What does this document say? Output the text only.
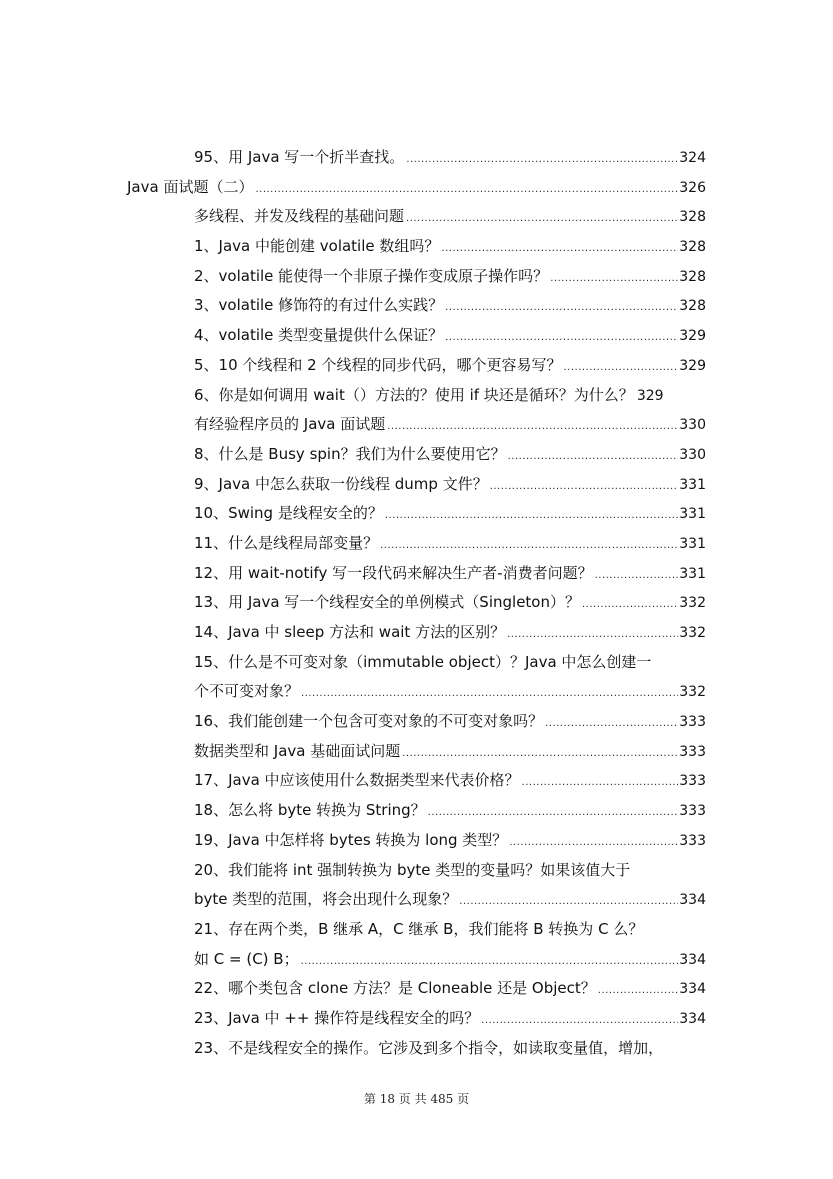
95、用 Java 写一个折半查找。 .....	324
Java 面试题（二） .....	326
多线程、并发及线程的基础问题 .....	328
1、Java 中能创建 volatile 数组吗？ .....	328
2、volatile 能使得一个非原子操作变成原子操作吗？ .....	328
3、volatile 修饰符的有过什么实践？ .....	328
4、volatile 类型变量提供什么保证？ .....	329
5、10 个线程和 2 个线程的同步代码，哪个更容易写？ .....	329
6、你是如何调用 wait（）方法的？使用 if 块还是循环？为什么？ 329
有经验程序员的 Java 面试题 .....	330
8、什么是 Busy spin？我们为什么要使用它？ .....	330
9、Java 中怎么获取一份线程 dump 文件？ .....	331
10、Swing 是线程安全的？ .....	331
11、什么是线程局部变量？ .....	331
12、用 wait-notify 写一段代码来解决生产者-消费者问题？ .....	331
13、用 Java 写一个线程安全的单例模式（Singleton）？ .....	332
14、Java 中 sleep 方法和 wait 方法的区别？ .....	332
15、什么是不可变对象（immutable object）？Java 中怎么创建一
个不可变对象？ .....	332
16、我们能创建一个包含可变对象的不可变对象吗？ .....	333
数据类型和 Java 基础面试问题 .....	333
17、Java 中应该使用什么数据类型来代表价格？ .....	333
18、怎么将 byte 转换为 String？ .....	333
19、Java 中怎样将 bytes 转换为 long 类型？ .....	333
20、我们能将 int 强制转换为 byte 类型的变量吗？如果该值大于
byte 类型的范围，将会出现什么现象？ .....	334
21、存在两个类，B 继承 A，C 继承 B，我们能将 B 转换为 C 么？
如 C = (C) B； .....	334
22、哪个类包含 clone 方法？是 Cloneable 还是 Object？ .....	334
23、Java 中 ++ 操作符是线程安全的吗？ .....	334
23、不是线程安全的操作。它涉及到多个指令，如读取变量值，增加，
第 18 页 共 485 页
